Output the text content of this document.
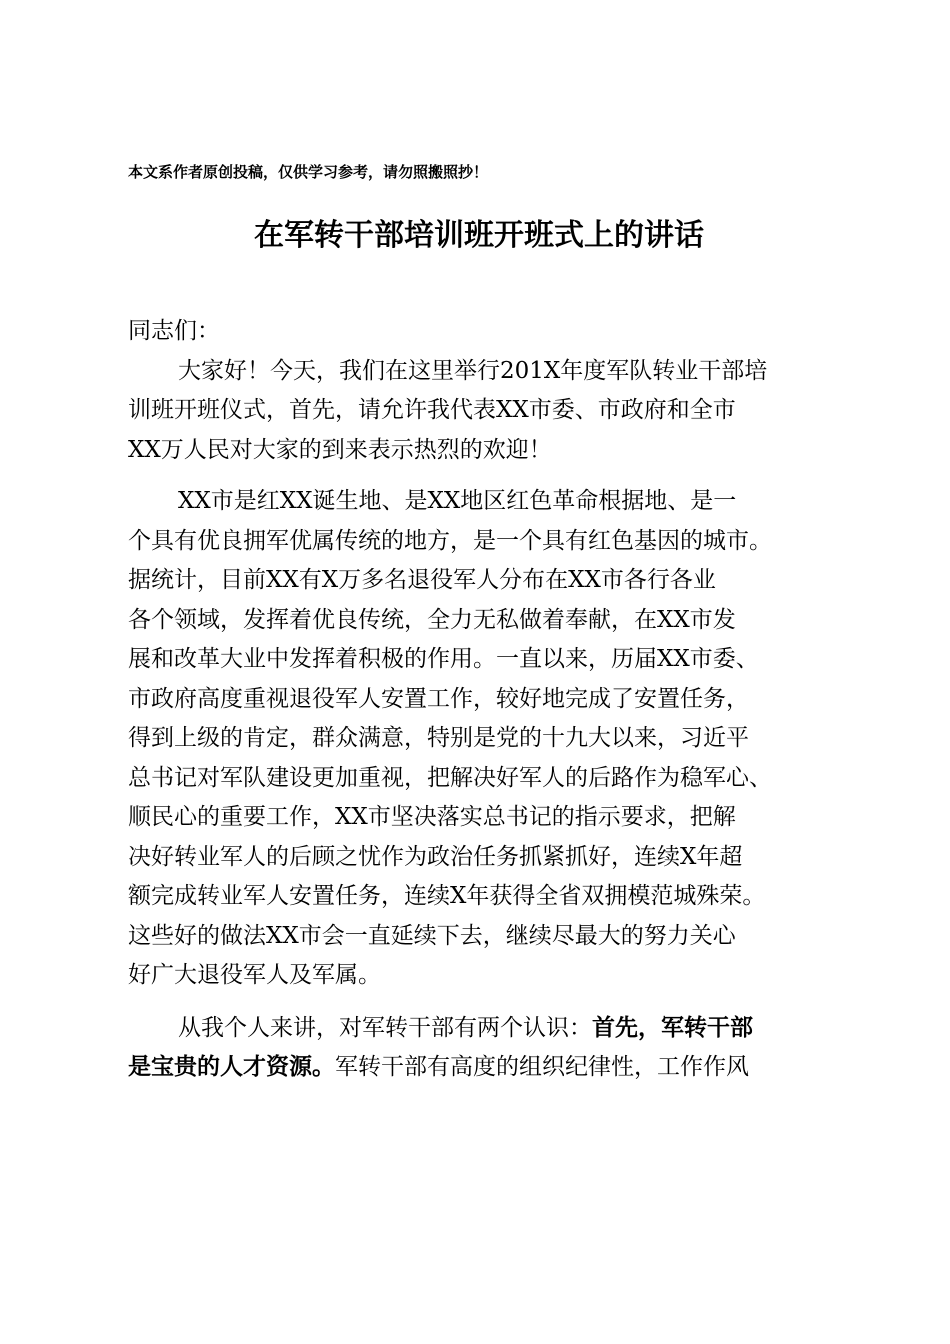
本文系作者原创投稿，仅供学习参考，请勿照搬照抄！
在军转干部培训班开班式上的讲话
同志们：
大家好！今天，我们在这里举行201X年度军队转业干部培
训班开班仪式，首先，请允许我代表XX市委、市政府和全市
XX万人民对大家的到来表示热烈的欢迎！
XX市是红XX诞生地、是XX地区红色革命根据地、是一
个具有优良拥军优属传统的地方，是一个具有红色基因的城市。
据统计，目前XX有X万多名退役军人分布在XX市各行各业
各个领域，发挥着优良传统，全力无私做着奉献，在XX市发
展和改革大业中发挥着积极的作用。一直以来，历届XX市委、
市政府高度重视退役军人安置工作，较好地完成了安置任务，
得到上级的肯定，群众满意，特别是党的十九大以来，习近平
总书记对军队建设更加重视，把解决好军人的后路作为稳军心、
顺民心的重要工作，XX市坚决落实总书记的指示要求，把解
决好转业军人的后顾之忧作为政治任务抓紧抓好，连续X年超
额完成转业军人安置任务，连续X年获得全省双拥模范城殊荣。
这些好的做法XX市会一直延续下去，继续尽最大的努力关心
好广大退役军人及军属。
从我个人来讲，对军转干部有两个认识：首先，军转干部
是宝贵的人才资源。军转干部有高度的组织纪律性，工作作风
